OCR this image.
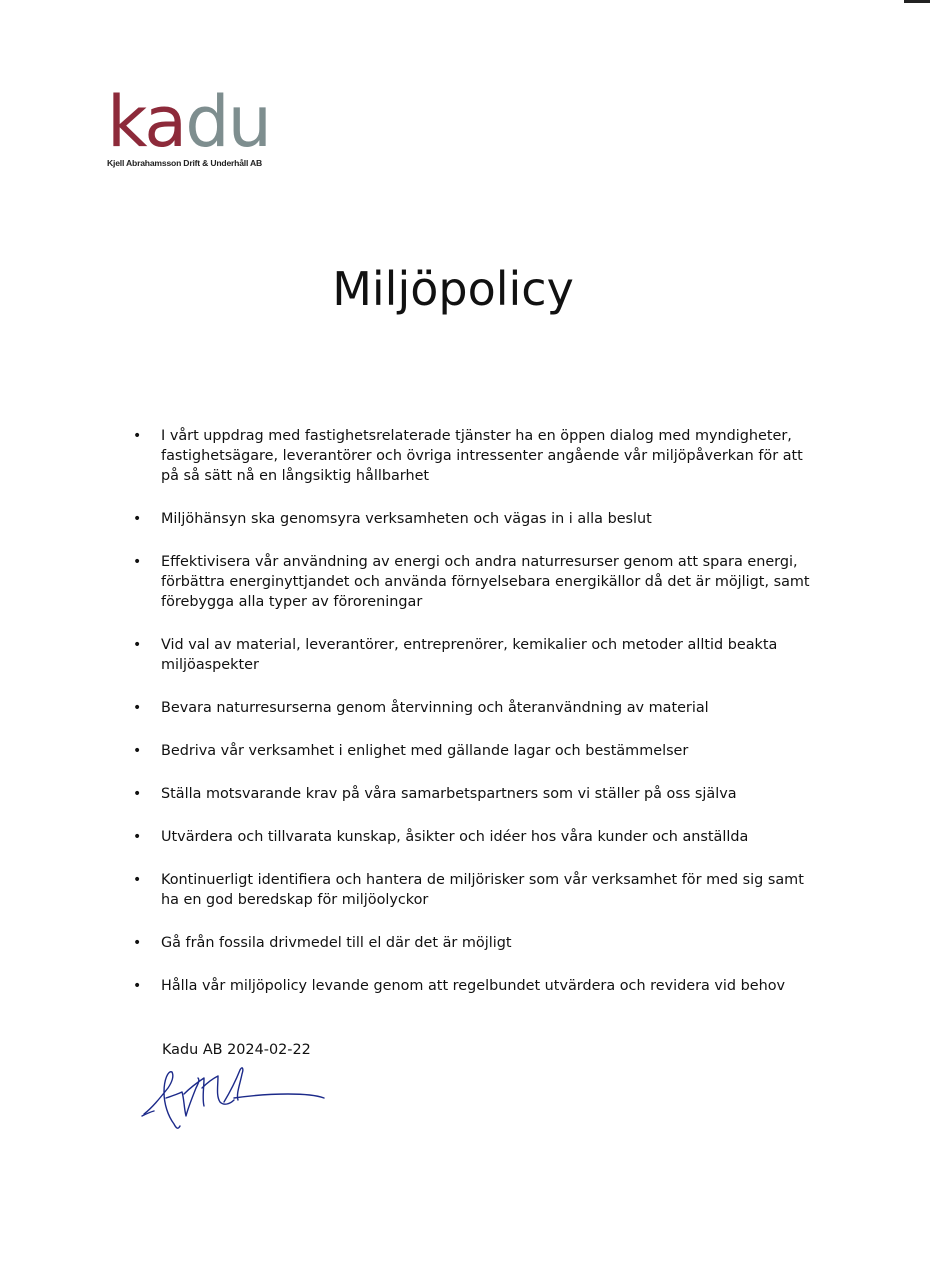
kadu
Kjell Abrahamsson Drift & Underhåll AB
Miljöpolicy
• I vårt uppdrag med fastighetsrelaterade tjänster ha en öppen dialog med myndigheter, fastighetsägare, leverantörer och övriga intressenter angående vår miljöpåverkan för att på så sätt nå en långsiktig hållbarhet
• Miljöhänsyn ska genomsyra verksamheten och vägas in i alla beslut
• Effektivisera vår användning av energi och andra naturresurser genom att spara energi, förbättra energinyttjandet och använda förnyelsebara energikällor då det är möjligt, samt förebygga alla typer av föroreningar
• Vid val av material, leverantörer, entreprenörer, kemikalier och metoder alltid beakta miljöaspekter
• Bevara naturresurserna genom återvinning och återanvändning av material
• Bedriva vår verksamhet i enlighet med gällande lagar och bestämmelser
• Ställa motsvarande krav på våra samarbetspartners som vi ställer på oss själva
• Utvärdera och tillvarata kunskap, åsikter och idéer hos våra kunder och anställda
• Kontinuerligt identifiera och hantera de miljörisker som vår verksamhet för med sig samt ha en god beredskap för miljöolyckor
• Gå från fossila drivmedel till el där det är möjligt
• Hålla vår miljöpolicy levande genom att regelbundet utvärdera och revidera vid behov
Kadu AB 2024-02-22
